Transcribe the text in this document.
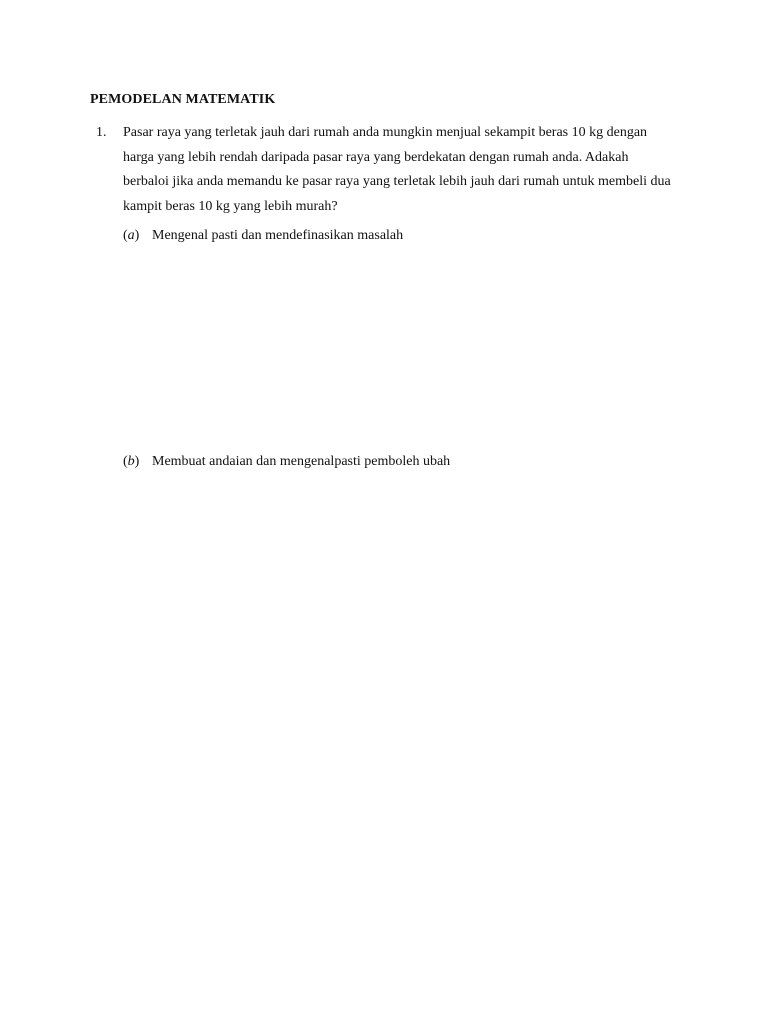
PEMODELAN MATEMATIK
1. Pasar raya yang terletak jauh dari rumah anda mungkin menjual sekampit beras 10 kg dengan
harga yang lebih rendah daripada pasar raya yang berdekatan dengan rumah anda. Adakah
berbaloi jika anda memandu ke pasar raya yang terletak lebih jauh dari rumah untuk membeli dua
kampit beras 10 kg yang lebih murah?
(a) Mengenal pasti dan mendefinasikan masalah
(b) Membuat andaian dan mengenalpasti pemboleh ubah
